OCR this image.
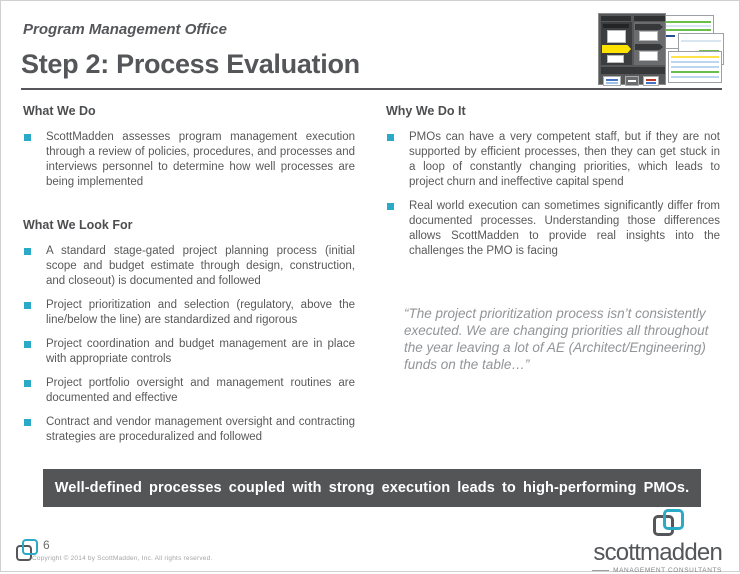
Program Management Office
Step 2: Process Evaluation
What We Do
ScottMadden assesses program management execution through a review of policies, procedures, and processes and interviews personnel to determine how well processes are being implemented
What We Look For
A standard stage-gated project planning process (initial scope and budget estimate through design, construction, and closeout) is documented and followed
Project prioritization and selection (regulatory, above the line/below the line) are standardized and rigorous
Project coordination and budget management are in place with appropriate controls
Project portfolio oversight and management routines are documented and effective
Contract and vendor management oversight and contracting strategies are proceduralized and followed
Why We Do It
PMOs can have a very competent staff, but if they are not supported by efficient processes, then they can get stuck in a loop of constantly changing priorities, which leads to project churn and ineffective capital spend
Real world execution can sometimes significantly differ from documented processes. Understanding those differences allows ScottMadden to provide real insights into the challenges the PMO is facing
“The project prioritization process isn’t consistently executed. We are changing priorities all throughout the year leaving a lot of AE (Architect/Engineering) funds on the table…”
Well-defined processes coupled with strong execution leads to high-performing PMOs.
6
Copyright © 2014 by ScottMadden, Inc. All rights reserved.	scottmadden
MANAGEMENT CONSULTANTS
